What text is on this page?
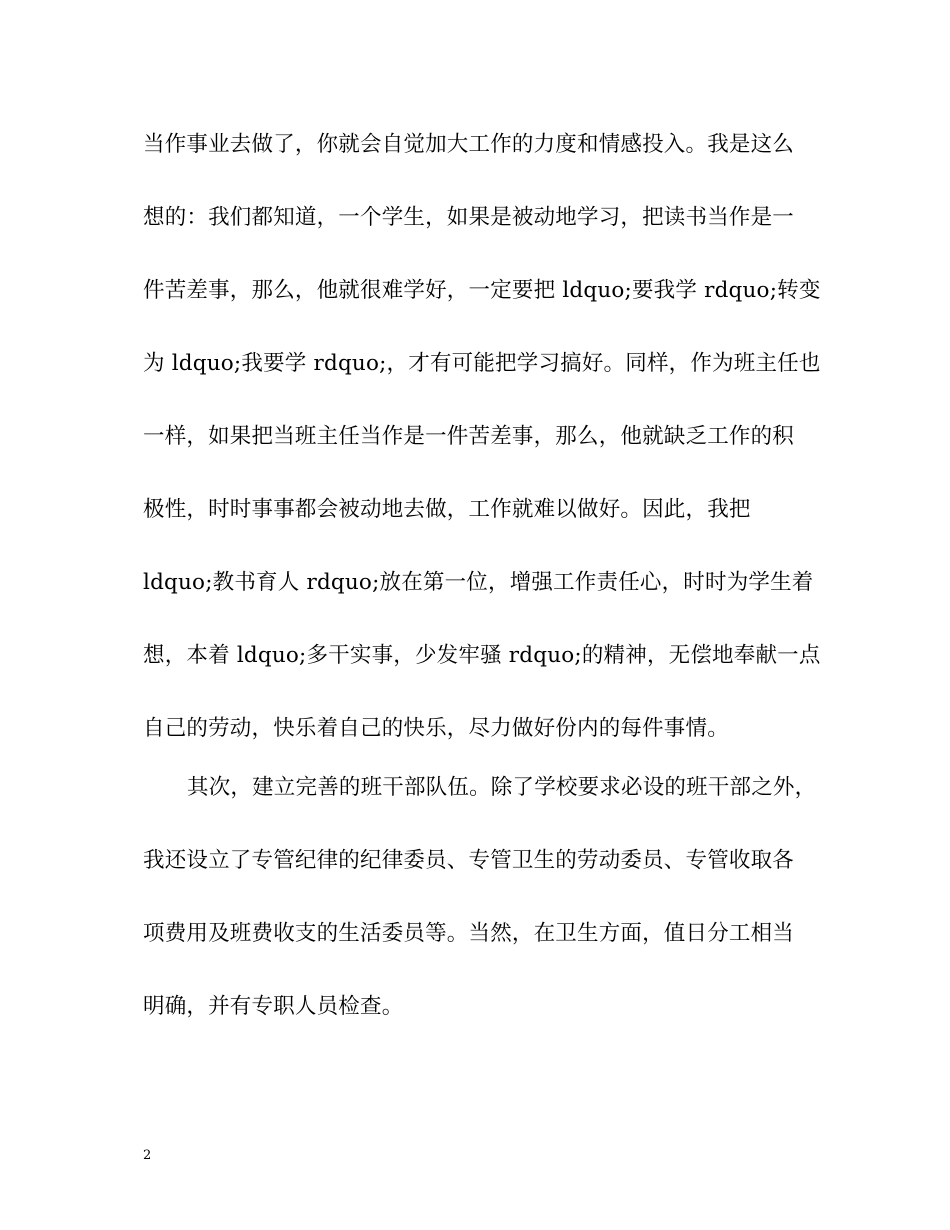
当作事业去做了，你就会自觉加大工作的力度和情感投入。我是这么
想的：我们都知道，一个学生，如果是被动地学习，把读书当作是一
件苦差事，那么，他就很难学好，一定要把 ldquo;要我学 rdquo;转变
为 ldquo;我要学 rdquo;，才有可能把学习搞好。同样，作为班主任也
一样，如果把当班主任当作是一件苦差事，那么，他就缺乏工作的积
极性，时时事事都会被动地去做，工作就难以做好。因此，我把
ldquo;教书育人 rdquo;放在第一位，增强工作责任心，时时为学生着
想，本着 ldquo;多干实事，少发牢骚 rdquo;的精神，无偿地奉献一点
自己的劳动，快乐着自己的快乐，尽力做好份内的每件事情。
其次，建立完善的班干部队伍。除了学校要求必设的班干部之外，
我还设立了专管纪律的纪律委员、专管卫生的劳动委员、专管收取各
项费用及班费收支的生活委员等。当然，在卫生方面，值日分工相当
明确，并有专职人员检查。
2
